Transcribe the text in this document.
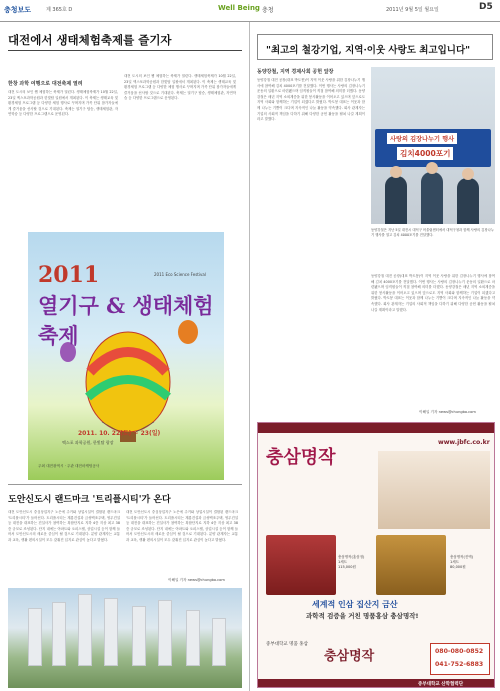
충청보도	제 365호 D	Well Being 충청	2011년 9월 5일 월요일	D5
대전에서 생태체험축제를 즐기자
한창 과학 여행으로 대전축제 열려
대전 도시의 보인 쌤 체험하는 축제가 열린다. 생태체험축제가 10월 22일, 23일 엑스포과학공원과 한빛탑 일원에서 개최된다. 이 축제는 생태교육 및 환경체험 프로그램 등 다양한 체험 행사로 꾸며지며 가족 단위 참가자들에게 즐거움을 선사할 것으로 기대된다. 축제는 열기구 탑승, 생태체험관, 자연학습 등 다양한 프로그램으로 운영된다.
대전 도시의 보인 쌤 체험하는 축제가 열린다. 생태체험축제가 10월 22일, 23일 엑스포과학공원과 한빛탑 일원에서 개최된다. 이 축제는 생태교육 및 환경체험 프로그램 등 다양한 체험 행사로 꾸며지며 가족 단위 참가자들에게 즐거움을 선사할 것으로 기대된다. 축제는 열기구 탑승, 생태체험관, 자연학습 등 다양한 프로그램으로 운영된다.
2011
열기구 & 생태체험축제
2011 Eco Science Festival
2011. 10. 22(토) ~ 23(일)
엑스포 과학공원, 한빛탑 광장
주최 대전광역시 · 주관 대전마케팅공사
도안신도시 랜드마크 '트리플시티'가 온다
대전 도안신도시 중심상업지구 노은에 주거와 상업시설이 결합된 랜드마크 '트리플시티'가 들어선다. 트리플시티는 계룡건설과 금성백조주택, 영무건설 등 대전을 대표하는 건설사가 참여하는 복합단지로 지하 4층 지상 최고 38층 규모로 조성된다. 단지 내에는 아파트와 오피스텔, 상업시설 등이 함께 들어서 도안신도시의 새로운 중심이 될 것으로 기대된다. 분양 관계자는 교통과 교육, 생활 편의시설이 모두 갖춰진 입지로 관심이 높다고 밝혔다.
대전 도안신도시 중심상업지구 노은에 주거와 상업시설이 결합된 랜드마크 '트리플시티'가 들어선다. 트리플시티는 계룡건설과 금성백조주택, 영무건설 등 대전을 대표하는 건설사가 참여하는 복합단지로 지하 4층 지상 최고 38층 규모로 조성된다. 단지 내에는 아파트와 오피스텔, 상업시설 등이 함께 들어서 도안신도시의 새로운 중심이 될 것으로 기대된다. 분양 관계자는 교통과 교육, 생활 편의시설이 모두 갖춰진 입지로 관심이 높다고 밝혔다.
이해일 기자 news@chungbo.com
"최고의 철강기업, 지역·이웃 사랑도 최고입니다"
동양강철, 지역 경제사회 공헌 앞장
동양강철 대전 공장(대표 박도봉)이 지역 이웃 사랑을 위한 김장나누기 행사에 참여해 김치 4000포기를 전달했다. 이번 행사는 사랑의 김장나누기 운동의 일환으로 마련됐으며 임직원들이 직접 참여해 의미를 더했다. 동양강철은 매년 지역 소외계층을 위한 봉사활동을 이어오고 있으며 앞으로도 지역 사회와 함께하는 기업이 되겠다고 밝혔다. 박도봉 대표는 이웃과 함께 나누는 기쁨이 크다며 지속적인 나눔 활동을 약속했다. 회사 관계자는 기업의 사회적 책임을 다하기 위해 다양한 공헌 활동을 펼쳐 나갈 계획이라고 말했다.
사랑의 김장나누기 행사
김치4000포기
동양강철은 지난 5일 대전시 대덕구 어울림센터에서 대덕구청과 함께 사랑의 김장나누기 행사를 열고 김치 4000포기를 전달했다.
동양강철 대전 공장(대표 박도봉)이 지역 이웃 사랑을 위한 김장나누기 행사에 참여해 김치 4000포기를 전달했다. 이번 행사는 사랑의 김장나누기 운동의 일환으로 마련됐으며 임직원들이 직접 참여해 의미를 더했다. 동양강철은 매년 지역 소외계층을 위한 봉사활동을 이어오고 있으며 앞으로도 지역 사회와 함께하는 기업이 되겠다고 밝혔다. 박도봉 대표는 이웃과 함께 나누는 기쁨이 크다며 지속적인 나눔 활동을 약속했다. 회사 관계자는 기업의 사회적 책임을 다하기 위해 다양한 공헌 활동을 펼쳐 나갈 계획이라고 말했다.
이해일 기자 news@chungbo.com
www.jbfc.co.kr
충삼명작
충삼명작(홍삼정)
1세트
115,000원
충삼명작(진액)
1세트
80,000원
세계적 인삼 집산지 금산
과학적 검증을 거친 명품홍삼 충삼명작!
중부대학교 명품 홍삼
충삼명작	080-080-0852
041-752-6883
중부대학교 산학협력단
